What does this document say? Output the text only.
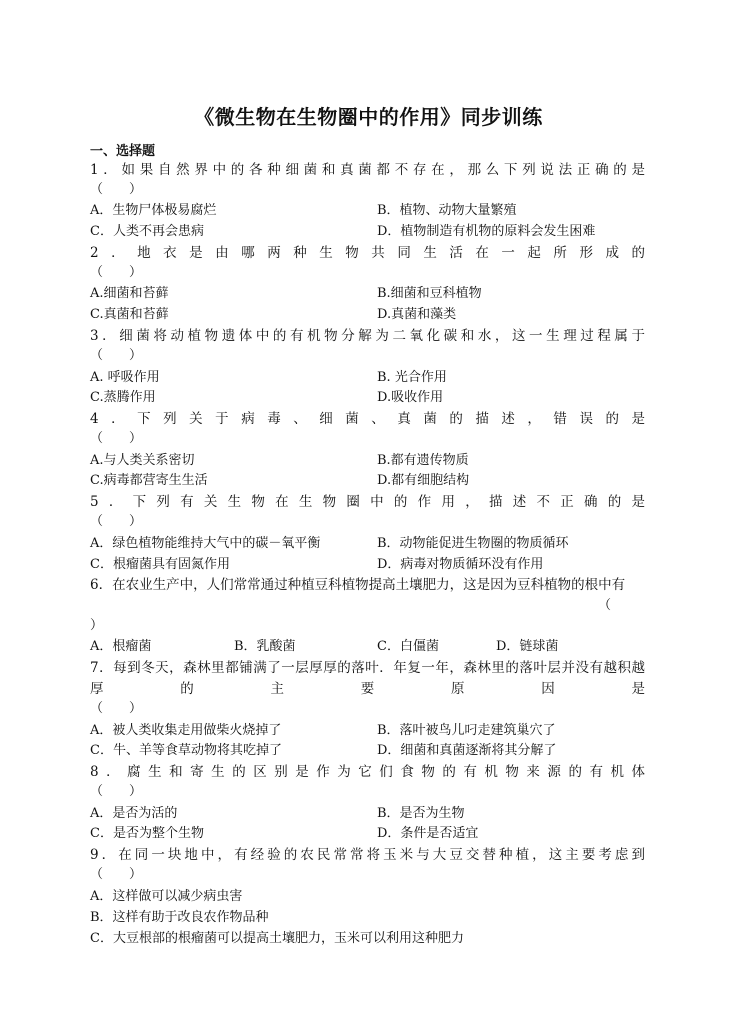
《微生物在生物圈中的作用》同步训练
一、选择题
1．如果自然界中的各种细菌和真菌都不存在，那么下列说法正确的是
（　　）
A．生物尸体极易腐烂	B．植物、动物大量繁殖
C．人类不再会患病	D．植物制造有机物的原料会发生困难
2．地衣是由哪两种生物共同生活在一起所形成的
（　　）
A.细菌和苔藓	B.细菌和豆科植物
C.真菌和苔藓	D.真菌和藻类
3．细菌将动植物遗体中的有机物分解为二氧化碳和水，这一生理过程属于
（　　）
A. 呼吸作用	B. 光合作用
C.蒸腾作用	D.吸收作用
4．下列关于病毒、细菌、真菌的描述，错误的是
（　　）
A.与人类关系密切	B.都有遗传物质
C.病毒都营寄生生活	D.都有细胞结构
5．下列有关生物在生物圈中的作用，描述不正确的是
（　　）
A．绿色植物能维持大气中的碳－氧平衡	B．动物能促进生物圈的物质循环
C．根瘤菌具有固氮作用	D．病毒对物质循环没有作用
6．在农业生产中，人们常常通过种植豆科植物提高土壤肥力，这是因为豆科植物的根中有
（
）
A．根瘤菌	B．乳酸菌	C．白僵菌	D．链球菌
7．每到冬天，森林里都铺满了一层厚厚的落叶．年复一年，森林里的落叶层并没有越积越
厚的主要原因是
（　　）
A．被人类收集走用做柴火烧掉了	B．落叶被鸟儿叼走建筑巢穴了
C．牛、羊等食草动物将其吃掉了	D．细菌和真菌逐渐将其分解了
8．腐生和寄生的区别是作为它们食物的有机物来源的有机体
（　　）
A．是否为活的	B．是否为生物
C．是否为整个生物	D．条件是否适宜
9．在同一块地中，有经验的农民常常将玉米与大豆交替种植，这主要考虑到
（　　）
A．这样做可以减少病虫害
B．这样有助于改良农作物品种
C．大豆根部的根瘤菌可以提高土壤肥力，玉米可以利用这种肥力
